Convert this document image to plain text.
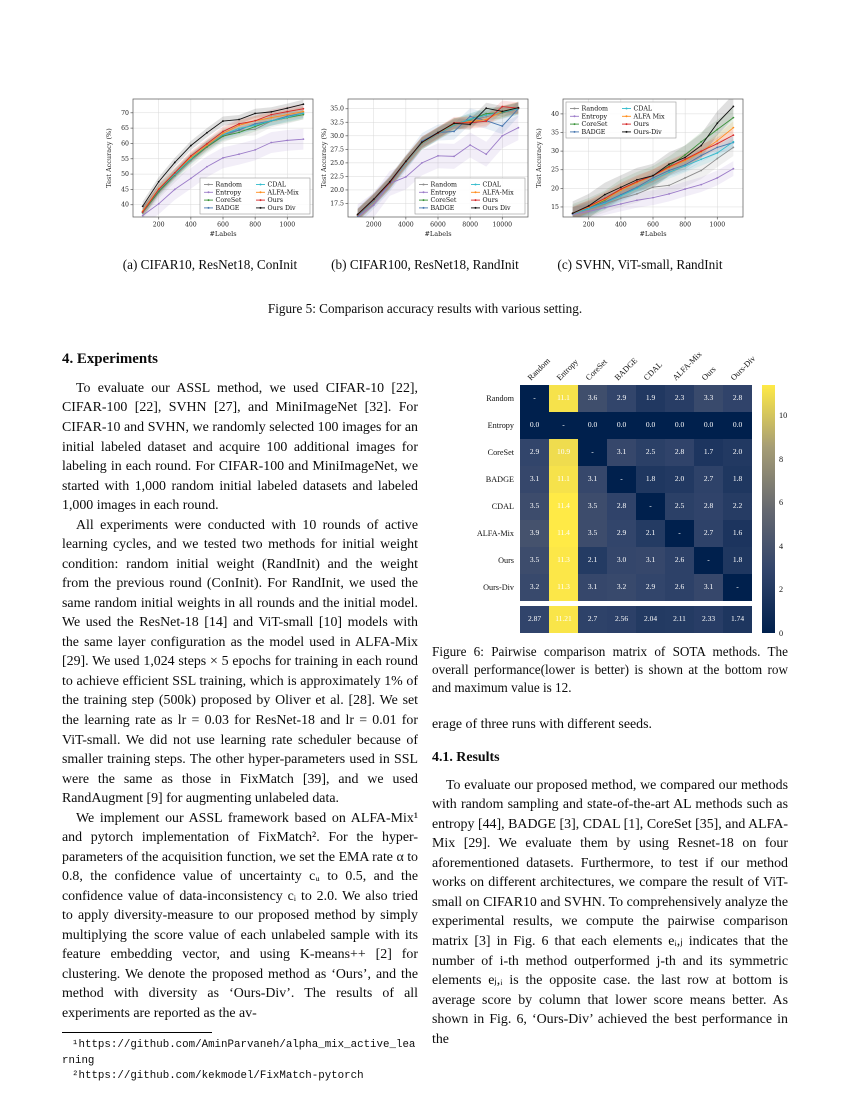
40
45
50
55
60
65
70
200	400	600	800	1000
#Labels
Test Accuracy (%)	Random
Entropy
CoreSet
BADGE
CDAL
ALFA-Mix
Ours
Ours Div
17.5
20.0
22.5
25.0
27.5
30.0
32.5
35.0
2000	4000	6000	8000 10000
#Labels
Test Accuracy (%)	Random
Entropy
CoreSet
BADGE
CDAL
ALFA-Mix
Ours
Ours Div	15
20
25
30
35
40
200	400	600	800	1000
#Labels
Test Accuracy (%)
Random
Entropy
CoreSet
BADGE
CDAL
ALFA Mix
Ours
Ours-Div
(a) CIFAR10, ResNet18, ConInit	(b) CIFAR100, ResNet18, RandInit	(c) SVHN, ViT-small, RandInit
Figure 5: Comparison accuracy results with various setting.
4. Experiments

To evaluate our ASSL method, we used CIFAR-10 [22], CIFAR-100 [22], SVHN [27], and MiniImageNet [32]. For CIFAR-10 and SVHN, we randomly selected 100 images for an initial labeled dataset and acquire 100 additional images for labeling in each round. For CIFAR-100 and MiniImageNet, we started with 1,000 random initial labeled datasets and labeled 1,000 images in each round.

All experiments were conducted with 10 rounds of active learning cycles, and we tested two methods for initial weight condition: random initial weight (RandInit) and the weight from the previous round (ConInit). For RandInit, we used the same random initial weights in all rounds and the initial model. We used the ResNet-18 [14] and ViT-small [10] models with the same layer configuration as the model used in ALFA-Mix [29]. We used 1,024 steps × 5 epochs for training in each round to achieve efficient SSL training, which is approximately 1% of the training step (500k) proposed by Oliver et al. [28]. We set the learning rate as lr = 0.03 for ResNet-18 and lr = 0.01 for ViT-small. We did not use learning rate scheduler because of smaller training steps. The other hyper-parameters used in SSL were the same as those in FixMatch [39], and we used RandAugment [9] for augmenting unlabeled data.

We implement our ASSL framework based on ALFA-Mix¹ and pytorch implementation of FixMatch². For the hyper-parameters of the acquisition function, we set the EMA rate α to 0.8, the confidence value of uncertainty cᵤ to 0.5, and the confidence value of data-inconsistency cᵢ to 2.0. We also tried to apply diversity-measure to our proposed method by simply multiplying the score value of each unlabeled sample with its feature embedding vector, and using K-means++ [2] for clustering. We denote the proposed method as ‘Ours’, and the method with diversity as ‘Ours-Div’. The results of all experiments are reported as the av-

¹https://github.com/AminParvaneh/alpha_mix_active_learning
²https://github.com/kekmodel/FixMatch-pytorch
Random Entropy CoreSet BADGE CDAL ALFA-Mix
Ours Ours-Div
Random	-	11.1	3.6	2.9	1.9	2.3	3.3	2.8
Entropy	0.0	-	0.0	0.0	0.0	0.0	0.0	0.0
CoreSet	2.9	10.9	-	3.1	2.5	2.8	1.7	2.0
BADGE	3.1	11.1	3.1	-	1.8	2.0	2.7	1.8
CDAL	3.5	11.4	3.5	2.8	-	2.5	2.8	2.2
ALFA-Mix	3.9	11.4	3.5	2.9	2.1	-	2.7	1.6
Ours	3.5	11.3	2.1	3.0	3.1	2.6	-	1.8
Ours-Div	3.2	11.3	3.1	3.2	2.9	2.6	3.1	-
2.87	11.21	2.7	2.56	2.04	2.11	2.33	1.74
0
2
4
6
8
10

Figure 6: Pairwise comparison matrix of SOTA methods. The overall performance(lower is better) is shown at the bottom row and maximum value is 12.

erage of three runs with different seeds.

4.1. Results

To evaluate our proposed method, we compared our methods with random sampling and state-of-the-art AL methods such as entropy [44], BADGE [3], CDAL [1], CoreSet [35], and ALFA-Mix [29]. We evaluate them by using Resnet-18 on four aforementioned datasets. Furthermore, to test if our method works on different architectures, we compare the result of ViT-small on CIFAR10 and SVHN. To comprehensively analyze the experimental results, we compute the pairwise comparison matrix [3] in Fig. 6 that each elements eᵢ,ⱼ indicates that the number of i-th method outperformed j-th and its symmetric elements eⱼ,ᵢ is the opposite case. the last row at bottom is average score by column that lower score means better. As shown in Fig. 6, ‘Ours-Div’ achieved the best performance in the
